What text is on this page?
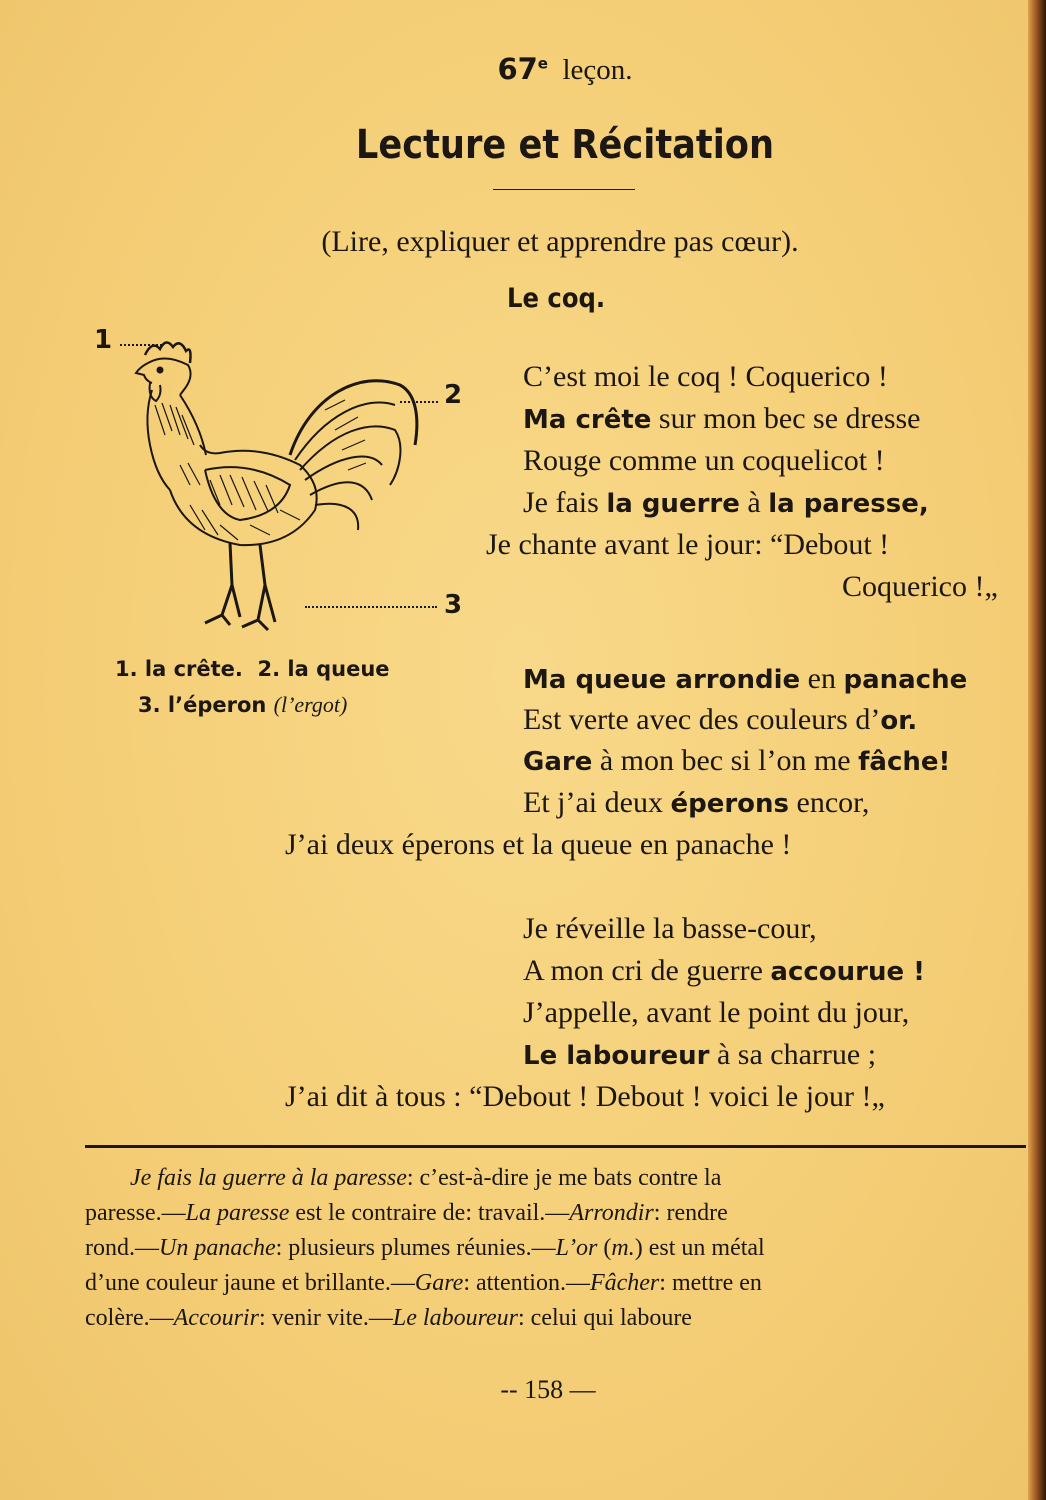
67e leçon.
Lecture et Récitation
(Lire, expliquer et apprendre pas cœur).
1
2
3
1. la crête. 2. la queue
3. l’éperon (l’ergot)
Le coq.
C’est moi le coq ! Coquerico !
Ma crête sur mon bec se dresse
Rouge comme un coquelicot !
Je fais la guerre à la paresse,
Je chante avant le jour: “Debout !
Coquerico !„
Ma queue arrondie en panache
Est verte avec des couleurs d’or.
Gare à mon bec si l’on me fâche!
Et j’ai deux éperons encor,
J’ai deux éperons et la queue en panache !
Je réveille la basse-cour,
A mon cri de guerre accourue !
J’appelle, avant le point du jour,
Le laboureur à sa charrue ;
J’ai dit à tous : “Debout ! Debout ! voici le jour !„
Je fais la guerre à la paresse: c’est-à-dire je me bats contre la
paresse.—La paresse est le contraire de: travail.—Arrondir: rendre
rond.—Un panache: plusieurs plumes réunies.—L’or (m.) est un métal
d’une couleur jaune et brillante.—Gare: attention.—Fâcher: mettre en
colère.—Accourir: venir vite.—Le laboureur: celui qui laboure
-- 158 —
